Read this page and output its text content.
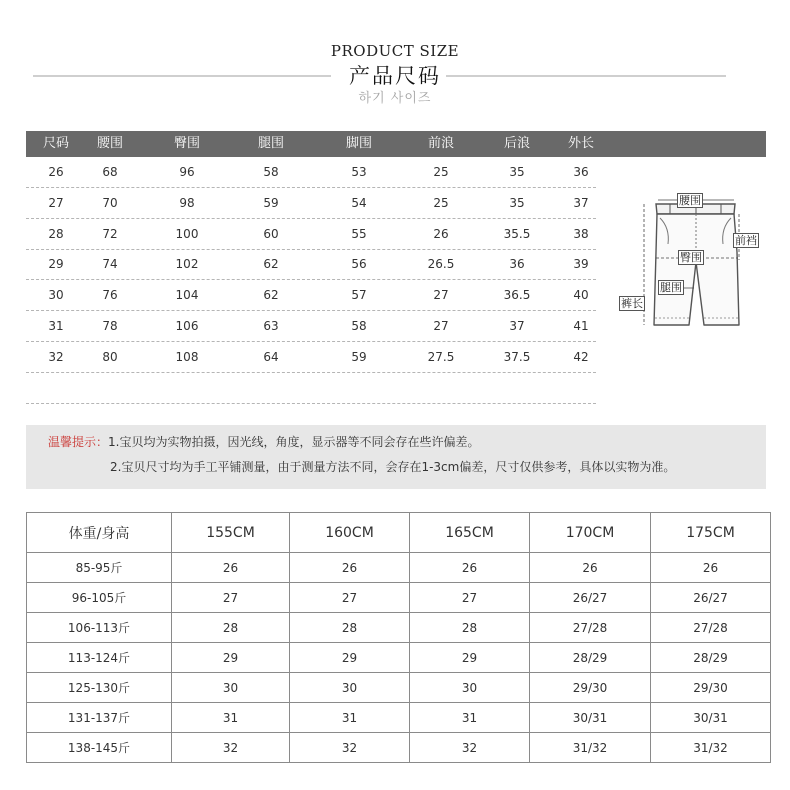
PRODUCT SIZE
产品尺码
하기 사이즈
尺码 腰围	臀围	腿围	脚围	前浪	后浪	外长
26	68	96	58	53	25	35	36
27	70	98	59	54	25	35	37
28	72	100	60	55	26	35.5	38
29	74	102	62	56	26.5	36	39
30	76	104	62	57	27	36.5	40
31	78	106	63	58	27	37	41
32	80	108	64	59	27.5	37.5	42
腰围
前裆
臀围
腿围
裤长
温馨提示：1.宝贝均为实物拍摄，因光线，角度，显示器等不同会存在些许偏差。
2.宝贝尺寸均为手工平铺测量，由于测量方法不同，会存在1-3cm偏差，尺寸仅供参考，具体以实物为准。
体重/身高	155CM	160CM	165CM	170CM	175CM
85-95斤	26	26	26	26	26
96-105斤	27	27	27	26/27	26/27
106-113斤	28	28	28	27/28	27/28
113-124斤	29	29	29	28/29	28/29
125-130斤	30	30	30	29/30	29/30
131-137斤	31	31	31	30/31	30/31
138-145斤	32	32	32	31/32	31/32
